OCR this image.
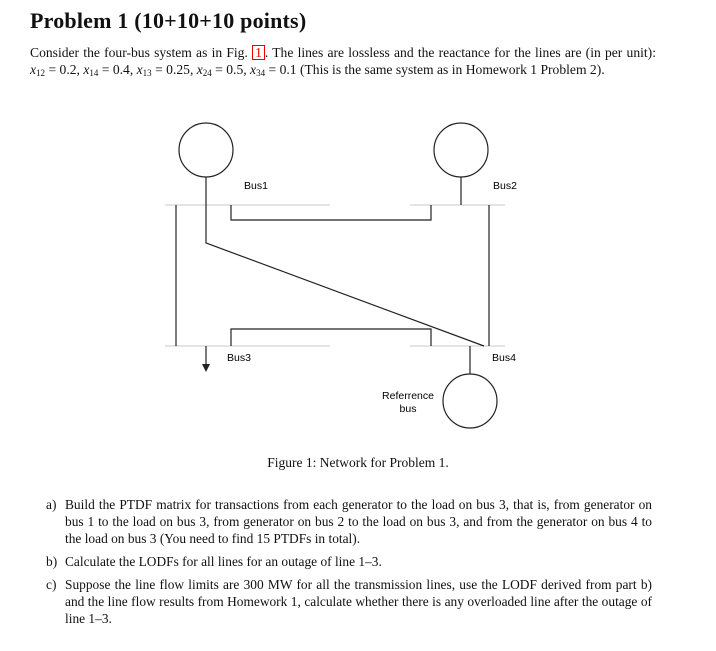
Problem 1 (10+10+10 points)
Consider the four-bus system as in Fig. 1 . The lines are lossless and the reactance for the lines are (in per unit): $x_{12} = 0.2$, $x_{14} = 0.4$, $x_{13} = 0.25$, $x_{24} = 0.5$, $x_{34} = 0.1$ (This is the same system as in Homework 1 Problem 2).
Bus1	Bus2
Bus3	Bus4
Referrence
bus
Figure 1: Network for Problem 1.
a) Build the PTDF matrix for transactions from each generator to the load on bus 3, that is, from generator on bus 1 to the load on bus 3, from generator on bus 2 to the load on bus 3, and from the generator on bus 4 to the load on bus 3 (You need to find 15 PTDFs in total).
b) Calculate the LODFs for all lines for an outage of line 1–3.
c) Suppose the line flow limits are 300 MW for all the transmission lines, use the LODF derived from part b) and the line flow results from Homework 1, calculate whether there is any overloaded line after the outage of line 1–3.
